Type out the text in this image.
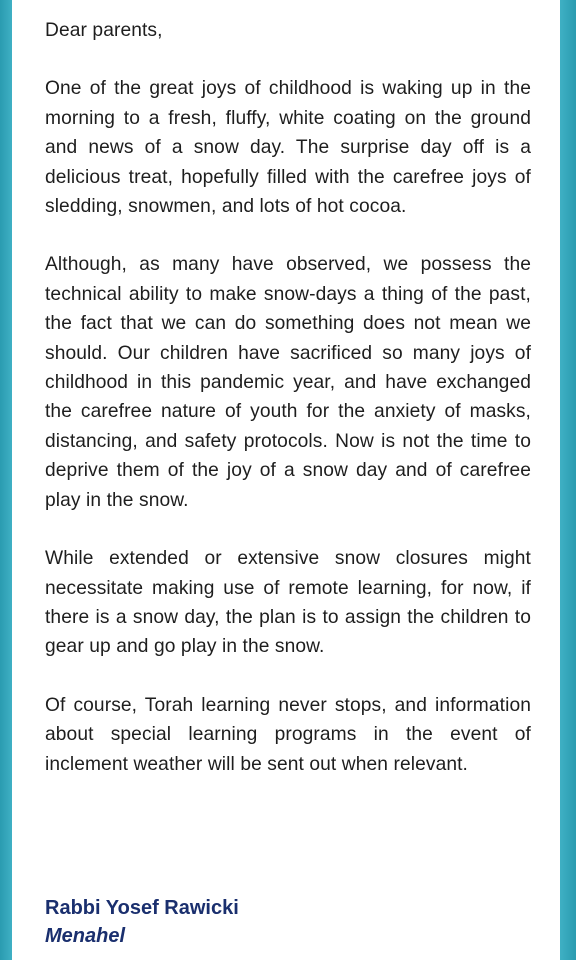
Dear parents,

One of the great joys of childhood is waking up in the morning to a fresh, fluffy, white coating on the ground and news of a snow day. The surprise day off is a delicious treat, hopefully filled with the carefree joys of sledding, snowmen, and lots of hot cocoa.

Although, as many have observed, we possess the technical ability to make snow-days a thing of the past, the fact that we can do something does not mean we should. Our children have sacrificed so many joys of childhood in this pandemic year, and have exchanged the carefree nature of youth for the anxiety of masks, distancing, and safety protocols. Now is not the time to deprive them of the joy of a snow day and of carefree play in the snow.

While extended or extensive snow closures might necessitate making use of remote learning, for now, if there is a snow day, the plan is to assign the children to gear up and go play in the snow.

Of course, Torah learning never stops, and information about special learning programs in the event of inclement weather will be sent out when relevant.

Rabbi Yosef Rawicki

Menahel
